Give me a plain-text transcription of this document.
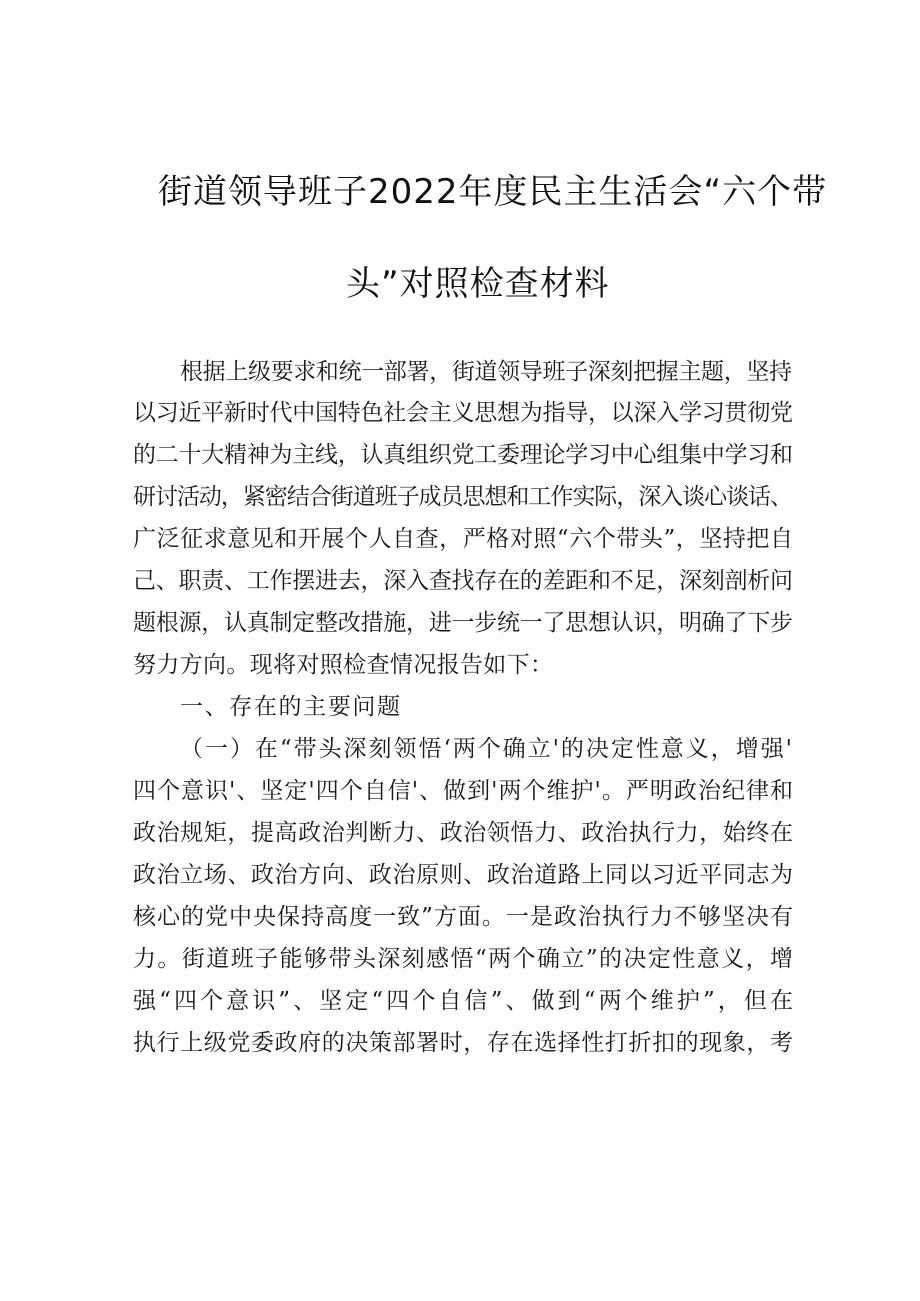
街道领导班子2022年度民主生活会“六个带
头”对照检查材料
根据上级要求和统一部署，街道领导班子深刻把握主题，坚持
以习近平新时代中国特色社会主义思想为指导，以深入学习贯彻党
的二十大精神为主线，认真组织党工委理论学习中心组集中学习和
研讨活动，紧密结合街道班子成员思想和工作实际，深入谈心谈话、
广泛征求意见和开展个人自查，严格对照“六个带头”，坚持把自
己、职责、工作摆进去，深入查找存在的差距和不足，深刻剖析问
题根源，认真制定整改措施，进一步统一了思想认识，明确了下步
努力方向。现将对照检查情况报告如下：
一、存在的主要问题
（一）在“带头深刻领悟‘两个确立'的决定性意义，增强'
四个意识'、坚定'四个自信'、做到'两个维护'。严明政治纪律和
政治规矩，提高政治判断力、政治领悟力、政治执行力，始终在
政治立场、政治方向、政治原则、政治道路上同以习近平同志为
核心的党中央保持高度一致”方面。一是政治执行力不够坚决有
力。街道班子能够带头深刻感悟“两个确立”的决定性意义，增
强“四个意识”、坚定“四个自信”、做到“两个维护”，但在
执行上级党委政府的决策部署时，存在选择性打折扣的现象，考
